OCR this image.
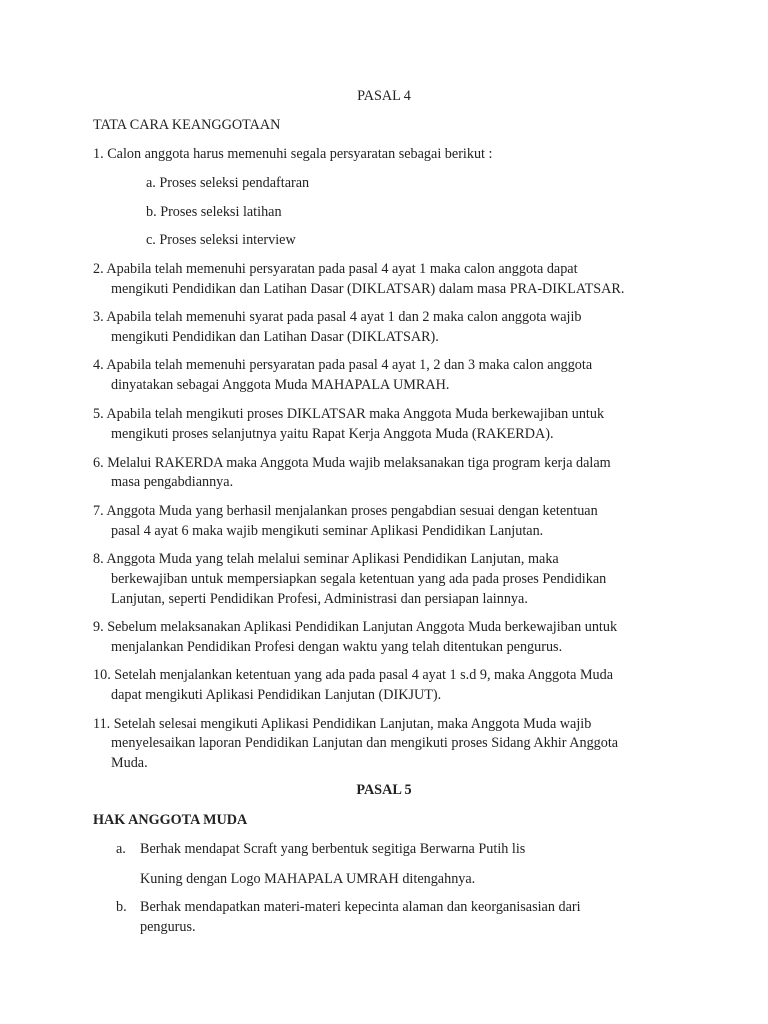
PASAL 4
TATA CARA KEANGGOTAAN
1. Calon anggota harus memenuhi segala persyaratan sebagai berikut :
a. Proses seleksi pendaftaran
b. Proses seleksi latihan
c. Proses seleksi interview
2. Apabila telah memenuhi persyaratan pada pasal 4 ayat 1 maka calon anggota dapat
mengikuti Pendidikan dan Latihan Dasar (DIKLATSAR) dalam masa PRA-DIKLATSAR.
3. Apabila telah memenuhi syarat pada pasal 4 ayat 1 dan 2 maka calon anggota wajib
mengikuti Pendidikan dan Latihan Dasar (DIKLATSAR).
4. Apabila telah memenuhi persyaratan pada pasal 4 ayat 1, 2 dan 3 maka calon anggota
dinyatakan sebagai Anggota Muda MAHAPALA UMRAH.
5. Apabila telah mengikuti proses DIKLATSAR maka Anggota Muda berkewajiban untuk
mengikuti proses selanjutnya yaitu Rapat Kerja Anggota Muda (RAKERDA).
6. Melalui RAKERDA maka Anggota Muda wajib melaksanakan tiga program kerja dalam
masa pengabdiannya.
7. Anggota Muda yang berhasil menjalankan proses pengabdian sesuai dengan ketentuan
pasal 4 ayat 6 maka wajib mengikuti seminar Aplikasi Pendidikan Lanjutan.
8. Anggota Muda yang telah melalui seminar Aplikasi Pendidikan Lanjutan, maka
berkewajiban untuk mempersiapkan segala ketentuan yang ada pada proses Pendidikan
Lanjutan, seperti Pendidikan Profesi, Administrasi dan persiapan lainnya.
9. Sebelum melaksanakan Aplikasi Pendidikan Lanjutan Anggota Muda berkewajiban untuk
menjalankan Pendidikan Profesi dengan waktu yang telah ditentukan pengurus.
10. Setelah menjalankan ketentuan yang ada pada pasal 4 ayat 1 s.d 9, maka Anggota Muda
dapat mengikuti Aplikasi Pendidikan Lanjutan (DIKJUT).
11. Setelah selesai mengikuti Aplikasi Pendidikan Lanjutan, maka Anggota Muda wajib
menyelesaikan laporan Pendidikan Lanjutan dan mengikuti proses Sidang Akhir Anggota
Muda.
PASAL 5
HAK ANGGOTA MUDA
a. Berhak mendapat Scraft yang berbentuk segitiga Berwarna Putih lis
Kuning dengan Logo MAHAPALA UMRAH ditengahnya.
b. Berhak mendapatkan materi-materi kepecinta alaman dan keorganisasian dari
pengurus.
